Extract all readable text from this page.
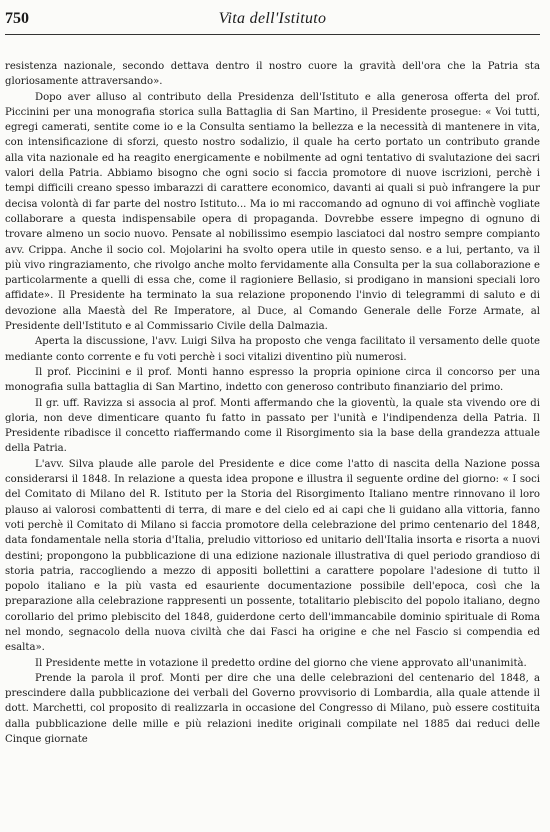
750	Vita dell'Istituto

resistenza nazionale, secondo dettava dentro il nostro cuore la gravità dell'ora che la Patria sta gloriosamente attraversando».

Dopo aver alluso al contributo della Presidenza dell'Istituto e alla generosa offerta del prof. Piccinini per una monografia storica sulla Battaglia di San Martino, il Presidente prosegue: « Voi tutti, egregi camerati, sentite come io e la Consulta sentiamo la bellezza e la necessità di mantenere in vita, con intensificazione di sforzi, questo nostro sodalizio, il quale ha certo portato un contributo grande alla vita nazionale ed ha reagito energicamente e nobilmente ad ogni tentativo di svalutazione dei sacri valori della Patria. Abbiamo bisogno che ogni socio si faccia promotore di nuove iscrizioni, perchè i tempi difficili creano spesso imbarazzi di carattere economico, davanti ai quali si può infrangere la pur decisa volontà di far parte del nostro Istituto... Ma io mi raccomando ad ognuno di voi affinchè vogliate collaborare a questa indispensabile opera di propaganda. Dovrebbe essere impegno di ognuno di trovare almeno un socio nuovo. Pensate al nobilissimo esempio lasciatoci dal nostro sempre compianto avv. Crippa. Anche il socio col. Mojolarini ha svolto opera utile in questo senso. e a lui, pertanto, va il più vivo ringraziamento, che rivolgo anche molto fervidamente alla Consulta per la sua collaborazione e particolarmente a quelli di essa che, come il ragioniere Bellasio, si prodigano in mansioni speciali loro affidate». Il Presidente ha terminato la sua relazione proponendo l'invio di telegrammi di saluto e di devozione alla Maestà del Re Imperatore, al Duce, al Comando Generale delle Forze Armate, al Presidente dell'Istituto e al Commissario Civile della Dalmazia.

Aperta la discussione, l'avv. Luigi Silva ha proposto che venga facilitato il versamento delle quote mediante conto corrente e fu voti perchè i soci vitalizi diventino più numerosi.

Il prof. Piccinini e il prof. Monti hanno espresso la propria opinione circa il concorso per una monografia sulla battaglia di San Martino, indetto con generoso contributo finanziario del primo.

Il gr. uff. Ravizza si associa al prof. Monti affermando che la gioventù, la quale sta vivendo ore di gloria, non deve dimenticare quanto fu fatto in passato per l'unità e l'indipendenza della Patria. Il Presidente ribadisce il concetto riaffermando come il Risorgimento sia la base della grandezza attuale della Patria.

L'avv. Silva plaude alle parole del Presidente e dice come l'atto di nascita della Nazione possa considerarsi il 1848. In relazione a questa idea propone e illustra il seguente ordine del giorno: « I soci del Comitato di Milano del R. Istituto per la Storia del Risorgimento Italiano mentre rinnovano il loro plauso ai valorosi combattenti di terra, di mare e del cielo ed ai capi che li guidano alla vittoria, fanno voti perchè il Comitato di Milano si faccia promotore della celebrazione del primo centenario del 1848, data fondamentale nella storia d'Italia, preludio vittorioso ed unitario dell'Italia insorta e risorta a nuovi destini; propongono la pubblicazione di una edizione nazionale illustrativa di quel periodo grandioso di storia patria, raccogliendo a mezzo di appositi bollettini a carattere popolare l'adesione di tutto il popolo italiano e la più vasta ed esauriente documentazione possibile dell'epoca, così che la preparazione alla celebrazione rappresenti un possente, totalitario plebiscito del popolo italiano, degno corollario del primo plebiscito del 1848, guiderdone certo dell'immancabile dominio spirituale di Roma nel mondo, segnacolo della nuova civiltà che dai Fasci ha origine e che nel Fascio si compendia ed esalta».

Il Presidente mette in votazione il predetto ordine del giorno che viene approvato all'unanimità.

Prende la parola il prof. Monti per dire che una delle celebrazioni del centenario del 1848, a prescindere dalla pubblicazione dei verbali del Governo provvisorio di Lombardia, alla quale attende il dott. Marchetti, col proposito di realizzarla in occasione del Congresso di Milano, può essere costituita dalla pubblicazione delle mille e più relazioni inedite originali compilate nel 1885 dai reduci delle Cinque giornate
